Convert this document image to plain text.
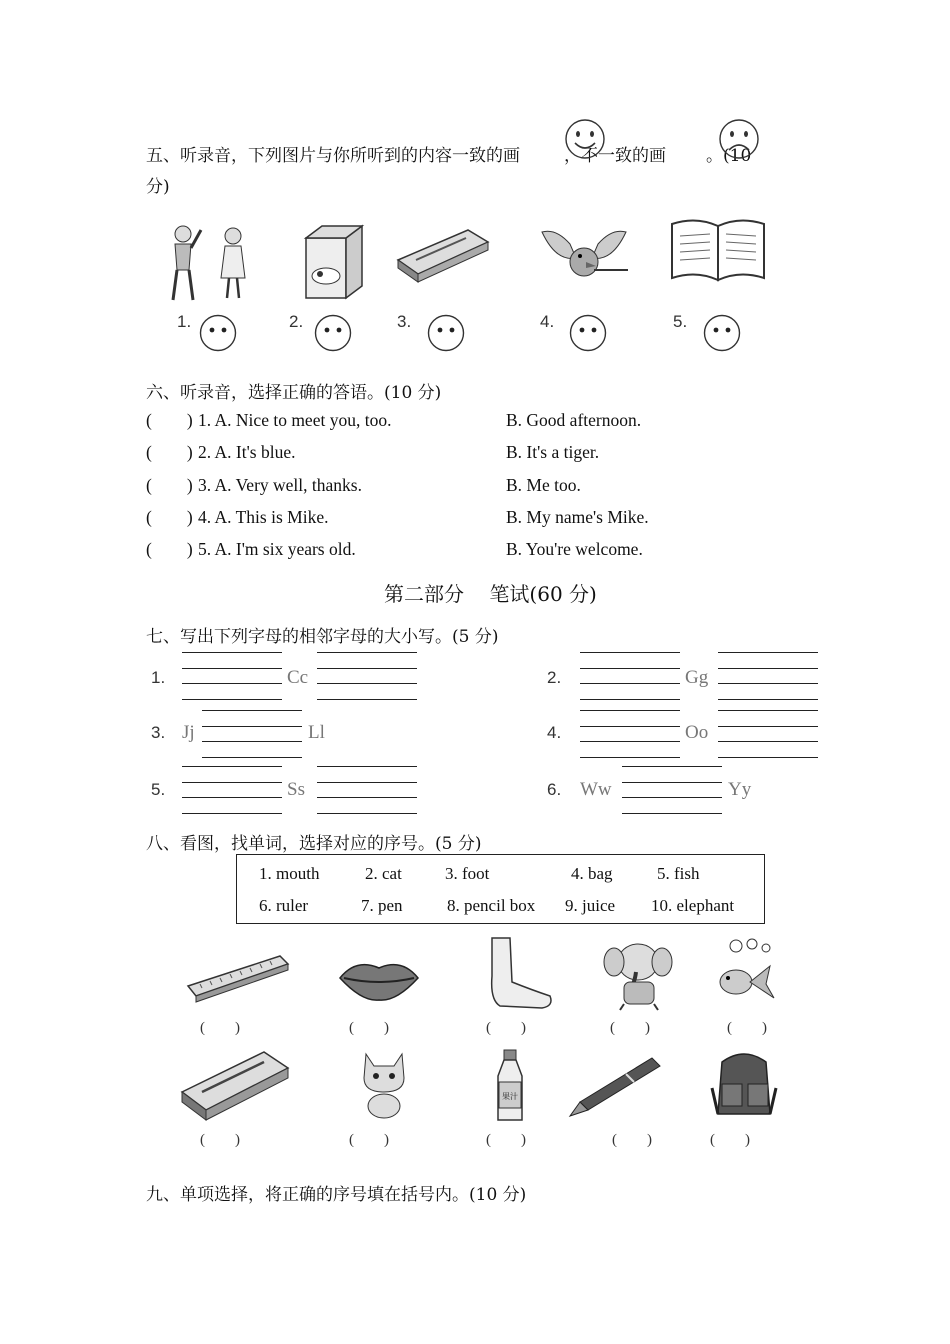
五、听录音，下列图片与你所听到的内容一致的画	，不一致的画 。(10
分)
1.	2.	3.	4.	5.
六、听录音，选择正确的答语。(10 分)
(        ) 1. A. Nice to meet you, too.	B. Good afternoon.
(        ) 2. A. It's blue.	B. It's a tiger.
(        ) 3. A. Very well, thanks.	B. Me too.
(        ) 4. A. This is Mike.	B. My name's Mike.
(        ) 5. A. I'm six years old.	B. You're welcome.
第二部分    笔试(60 分)
七、写出下列字母的相邻字母的大小写。(5 分)
1.	Cc	2.	Gg
3. Jj	Ll	4.	Oo
5.	Ss	6. Ww	Yy
八、看图，找单词，选择对应的序号。(5 分)
1. mouth	2. cat	3. foot	4. bag	5. fish
6. ruler	7. pen	8. pencil box 9. juice 10. elephant
(        )	(        )	(        )	(        )	(        )
果汁
(        )	(        )	(        )	(        )	(        )
九、单项选择，将正确的序号填在括号内。(10 分)
